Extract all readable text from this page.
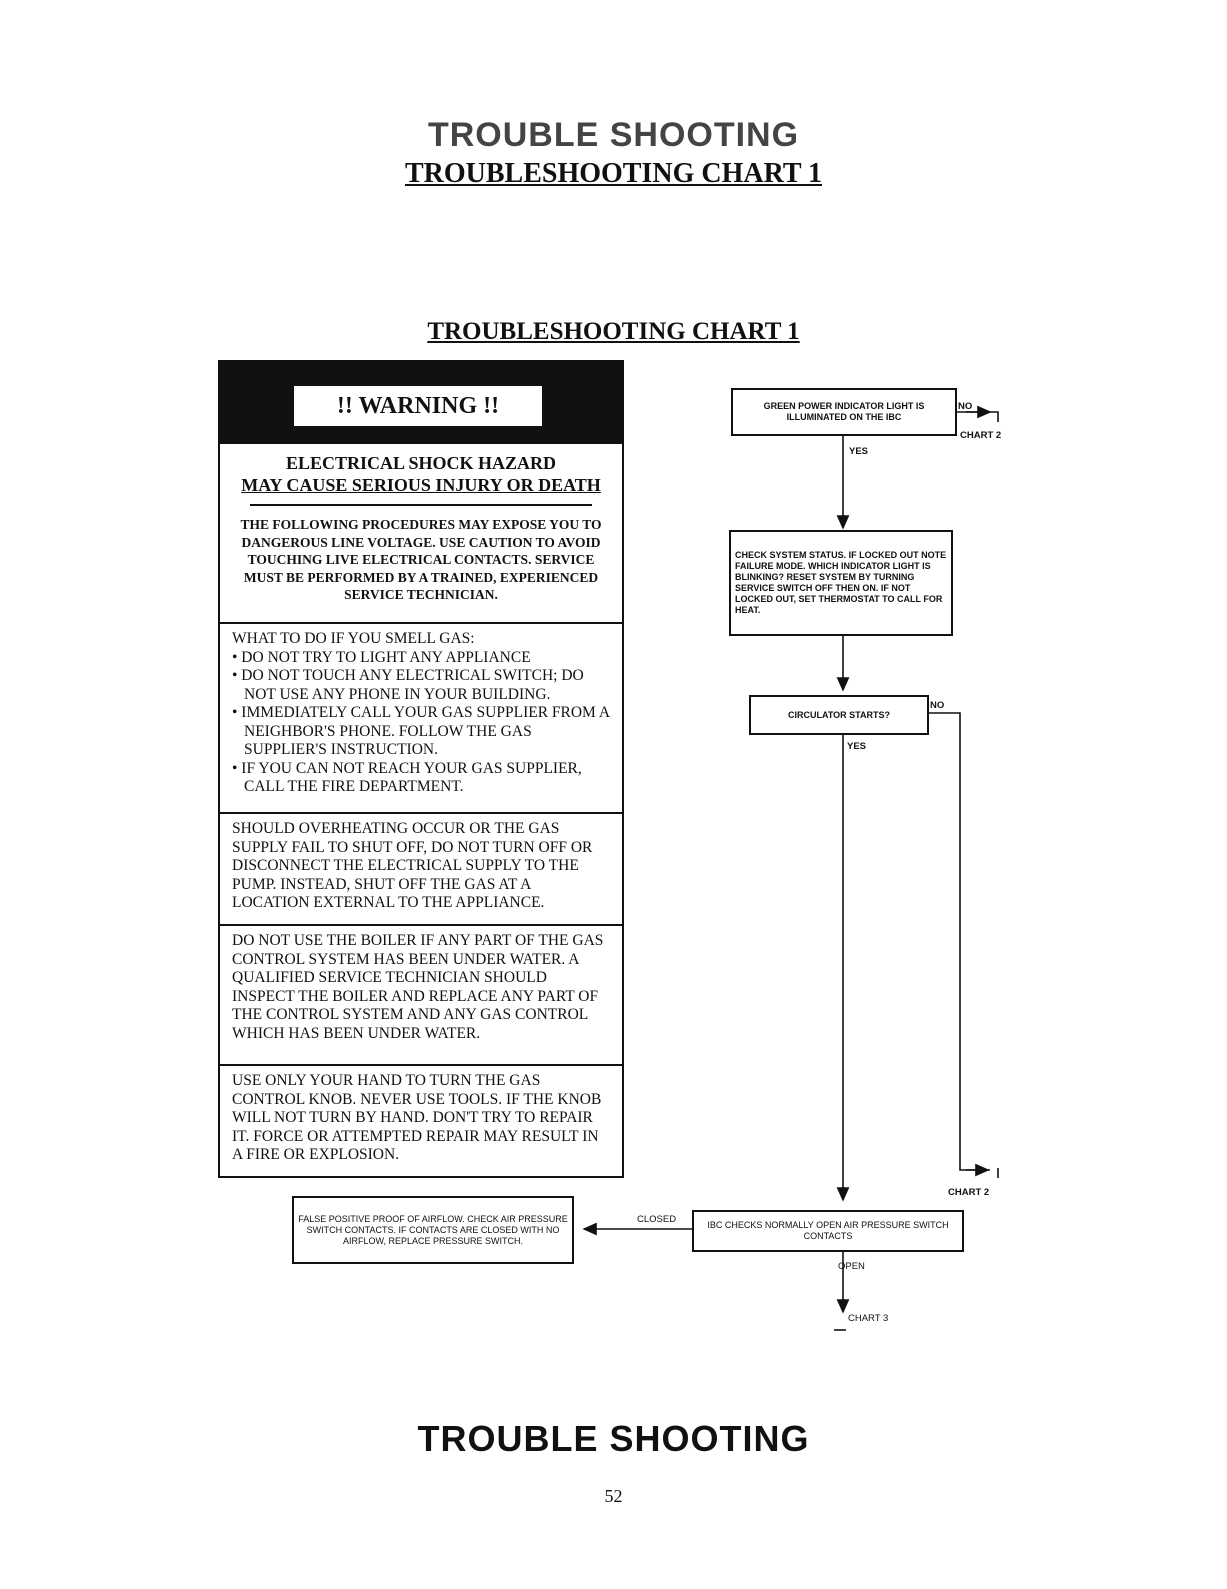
TROUBLE SHOOTING
TROUBLESHOOTING CHART 1
TROUBLESHOOTING CHART 1
!! WARNING !!
ELECTRICAL SHOCK HAZARD
MAY CAUSE SERIOUS INJURY OR DEATH
THE FOLLOWING PROCEDURES MAY EXPOSE YOU TO DANGEROUS LINE VOLTAGE. USE CAUTION TO AVOID TOUCHING LIVE ELECTRICAL CONTACTS. SERVICE MUST BE PERFORMED BY A TRAINED, EXPERIENCED SERVICE TECHNICIAN.
WHAT TO DO IF YOU SMELL GAS:
• DO NOT TRY TO LIGHT ANY APPLIANCE
• DO NOT TOUCH ANY ELECTRICAL SWITCH; DO NOT USE ANY PHONE IN YOUR BUILDING.
• IMMEDIATELY CALL YOUR GAS SUPPLIER FROM A NEIGHBOR'S PHONE. FOLLOW THE GAS SUPPLIER'S INSTRUCTION.
• IF YOU CAN NOT REACH YOUR GAS SUPPLIER, CALL THE FIRE DEPARTMENT.
SHOULD OVERHEATING OCCUR OR THE GAS SUPPLY FAIL TO SHUT OFF, DO NOT TURN OFF OR DISCONNECT THE ELECTRICAL SUPPLY TO THE PUMP. INSTEAD, SHUT OFF THE GAS AT A LOCATION EXTERNAL TO THE APPLIANCE.
DO NOT USE THE BOILER IF ANY PART OF THE GAS CONTROL SYSTEM HAS BEEN UNDER WATER. A QUALIFIED SERVICE TECHNICIAN SHOULD INSPECT THE BOILER AND REPLACE ANY PART OF THE CONTROL SYSTEM AND ANY GAS CONTROL WHICH HAS BEEN UNDER WATER.
USE ONLY YOUR HAND TO TURN THE GAS CONTROL KNOB. NEVER USE TOOLS. IF THE KNOB WILL NOT TURN BY HAND. DON'T TRY TO REPAIR IT. FORCE OR ATTEMPTED REPAIR MAY RESULT IN A FIRE OR EXPLOSION.
GREEN POWER INDICATOR LIGHT IS ILLUMINATED ON THE IBC
NO
CHART 2
YES
CHECK SYSTEM STATUS. IF LOCKED OUT NOTE FAILURE MODE. WHICH INDICATOR LIGHT IS BLINKING? RESET SYSTEM BY TURNING SERVICE SWITCH OFF THEN ON. IF NOT LOCKED OUT, SET THERMOSTAT TO CALL FOR HEAT.
CIRCULATOR STARTS?
NO
YES
CHART 2
IBC CHECKS NORMALLY OPEN AIR PRESSURE SWITCH CONTACTS
CLOSED
OPEN
CHART 3
FALSE POSITIVE PROOF OF AIRFLOW. CHECK AIR PRESSURE SWITCH CONTACTS. IF CONTACTS ARE CLOSED WITH NO AIRFLOW, REPLACE PRESSURE SWITCH.
TROUBLE SHOOTING
52
